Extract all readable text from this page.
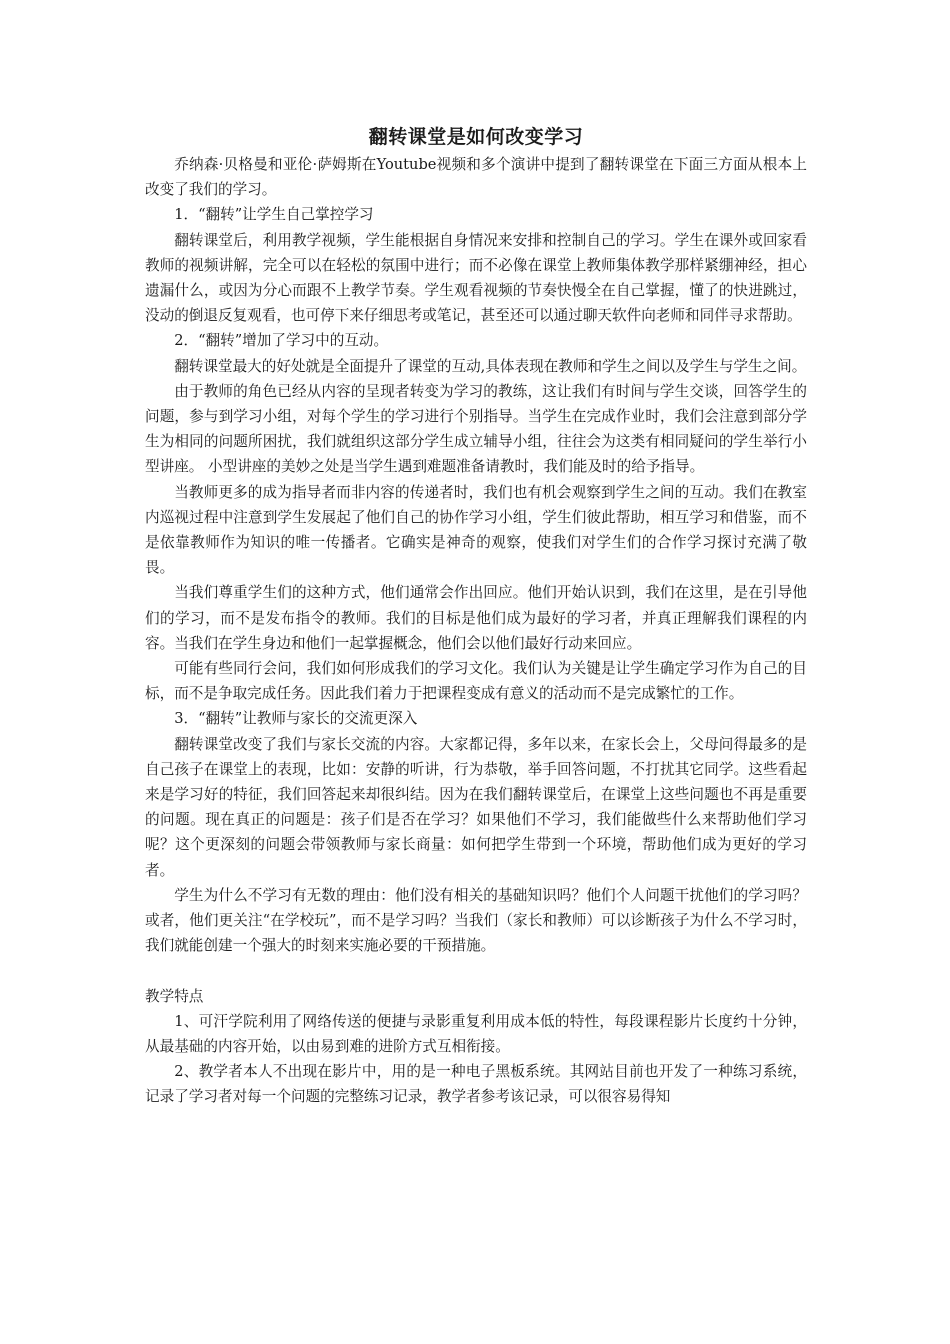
翻转课堂是如何改变学习

乔纳森·贝格曼和亚伦·萨姆斯在Youtube视频和多个演讲中提到了翻转课堂在下面三方面从根本上改变了我们的学习。

1．“翻转”让学生自己掌控学习

翻转课堂后，利用教学视频，学生能根据自身情况来安排和控制自己的学习。学生在课外或回家看教师的视频讲解，完全可以在轻松的氛围中进行；而不必像在课堂上教师集体教学那样紧绷神经，担心遗漏什么，或因为分心而跟不上教学节奏。学生观看视频的节奏快慢全在自己掌握，懂了的快进跳过，没动的倒退反复观看，也可停下来仔细思考或笔记，甚至还可以通过聊天软件向老师和同伴寻求帮助。

2．“翻转”增加了学习中的互动。

翻转课堂最大的好处就是全面提升了课堂的互动,具体表现在教师和学生之间以及学生与学生之间。

由于教师的角色已经从内容的呈现者转变为学习的教练，这让我们有时间与学生交谈，回答学生的问题，参与到学习小组，对每个学生的学习进行个别指导。当学生在完成作业时，我们会注意到部分学生为相同的问题所困扰，我们就组织这部分学生成立辅导小组，往往会为这类有相同疑问的学生举行小型讲座。 小型讲座的美妙之处是当学生遇到难题准备请教时，我们能及时的给予指导。

当教师更多的成为指导者而非内容的传递者时，我们也有机会观察到学生之间的互动。我们在教室内巡视过程中注意到学生发展起了他们自己的协作学习小组，学生们彼此帮助，相互学习和借鉴，而不是依靠教师作为知识的唯一传播者。它确实是神奇的观察，使我们对学生们的合作学习探讨充满了敬畏。

当我们尊重学生们的这种方式，他们通常会作出回应。他们开始认识到，我们在这里，是在引导他们的学习，而不是发布指令的教师。我们的目标是他们成为最好的学习者，并真正理解我们课程的内容。当我们在学生身边和他们一起掌握概念，他们会以他们最好行动来回应。

可能有些同行会问，我们如何形成我们的学习文化。我们认为关键是让学生确定学习作为自己的目标，而不是争取完成任务。因此我们着力于把课程变成有意义的活动而不是完成繁忙的工作。

3．“翻转”让教师与家长的交流更深入

翻转课堂改变了我们与家长交流的内容。大家都记得，多年以来，在家长会上，父母问得最多的是自己孩子在课堂上的表现，比如：安静的听讲，行为恭敬，举手回答问题，不打扰其它同学。这些看起来是学习好的特征，我们回答起来却很纠结。因为在我们翻转课堂后，在课堂上这些问题也不再是重要的问题。现在真正的问题是：孩子们是否在学习？如果他们不学习，我们能做些什么来帮助他们学习呢？这个更深刻的问题会带领教师与家长商量：如何把学生带到一个环境，帮助他们成为更好的学习者。

学生为什么不学习有无数的理由：他们没有相关的基础知识吗？他们个人问题干扰他们的学习吗？或者，他们更关注“在学校玩”，而不是学习吗？当我们（家长和教师）可以诊断孩子为什么不学习时，我们就能创建一个强大的时刻来实施必要的干预措施。

教学特点

1、可汗学院利用了网络传送的便捷与录影重复利用成本低的特性，每段课程影片长度约十分钟，从最基础的内容开始，以由易到难的进阶方式互相衔接。

2、教学者本人不出现在影片中，用的是一种电子黑板系统。其网站目前也开发了一种练习系统，记录了学习者对每一个问题的完整练习记录，教学者参考该记录，可以很容易得知
